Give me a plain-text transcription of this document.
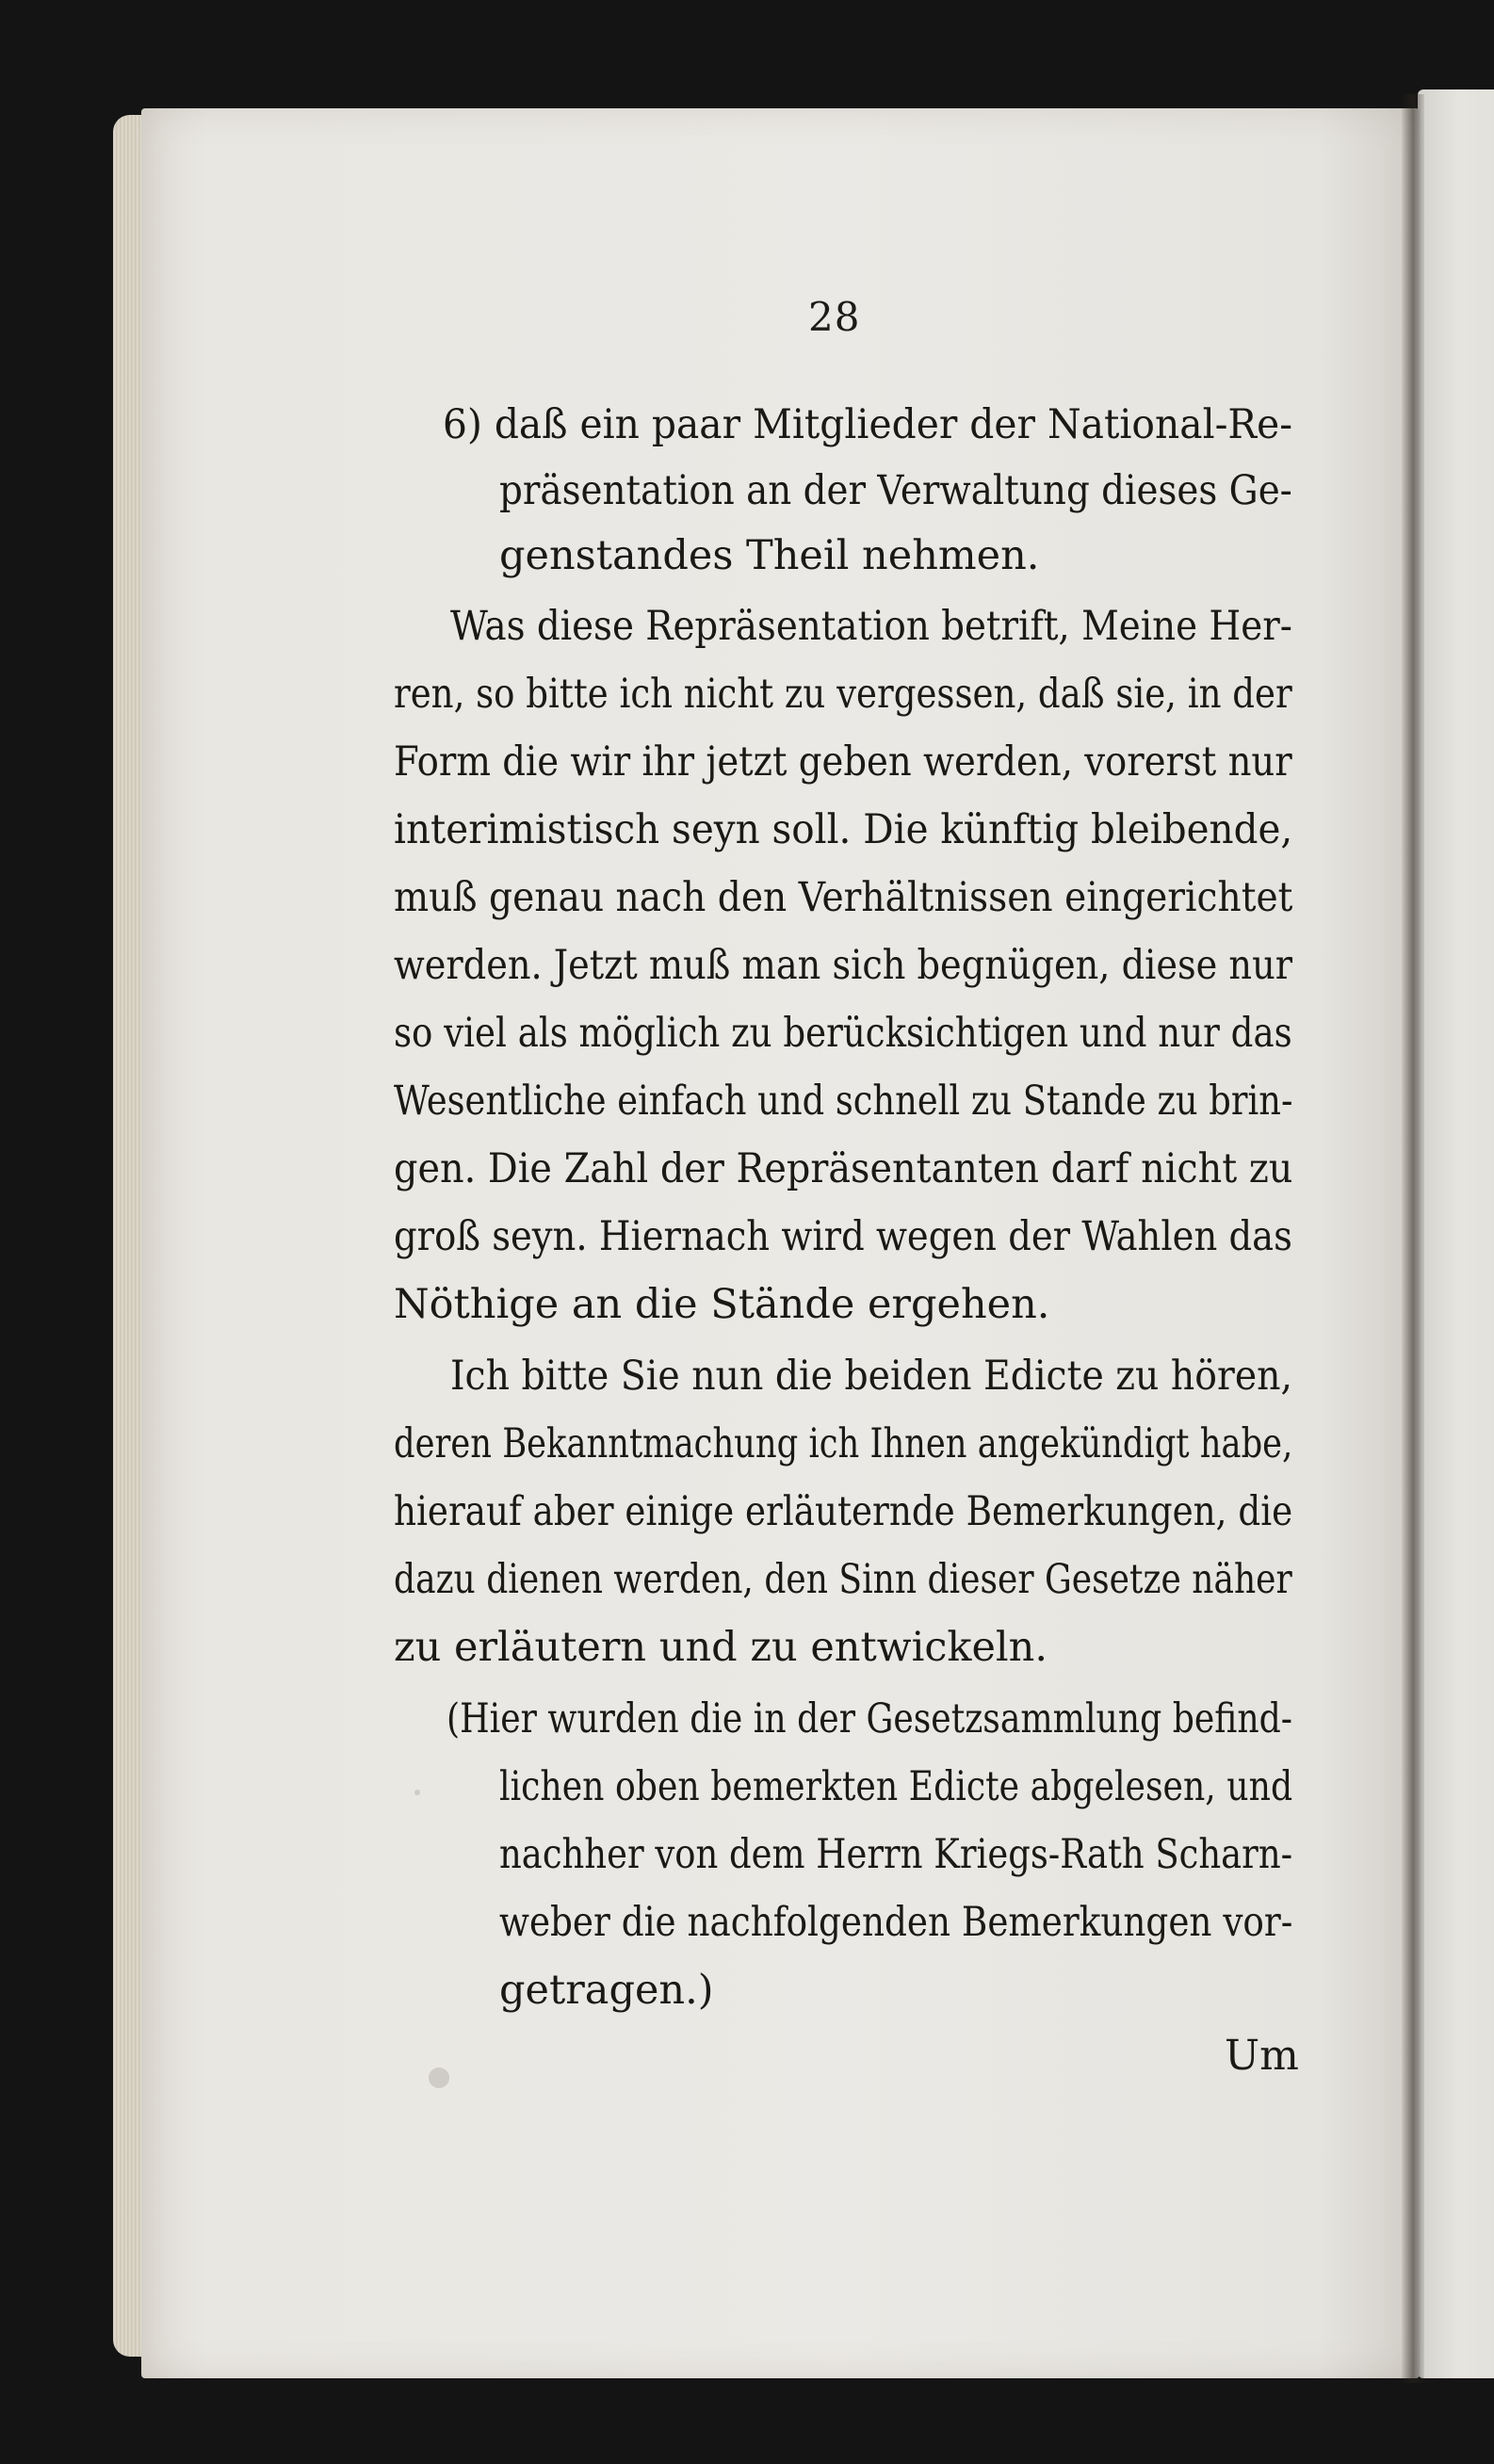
28
6) daß ein paar Mitglieder der National-Re-
präsentation an der Verwaltung dieses Ge-
genstandes Theil nehmen.
Was diese Repräsentation betrift, Meine Her-
ren, so bitte ich nicht zu vergessen, daß sie, in der
Form die wir ihr jetzt geben werden, vorerst nur
interimistisch seyn soll. Die künftig bleibende,
muß genau nach den Verhältnissen eingerichtet
werden. Jetzt muß man sich begnügen, diese nur
so viel als möglich zu berücksichtigen und nur das
Wesentliche einfach und schnell zu Stande zu brin-
gen. Die Zahl der Repräsentanten darf nicht zu
groß seyn. Hiernach wird wegen der Wahlen das
Nöthige an die Stände ergehen.
Ich bitte Sie nun die beiden Edicte zu hören,
deren Bekanntmachung ich Ihnen angekündigt habe,
hierauf aber einige erläuternde Bemerkungen, die
dazu dienen werden, den Sinn dieser Gesetze näher
zu erläutern und zu entwickeln.
(Hier wurden die in der Gesetzsammlung befind-
lichen oben bemerkten Edicte abgelesen, und
nachher von dem Herrn Kriegs-Rath Scharn-
weber die nachfolgenden Bemerkungen vor-
getragen.)
Um
